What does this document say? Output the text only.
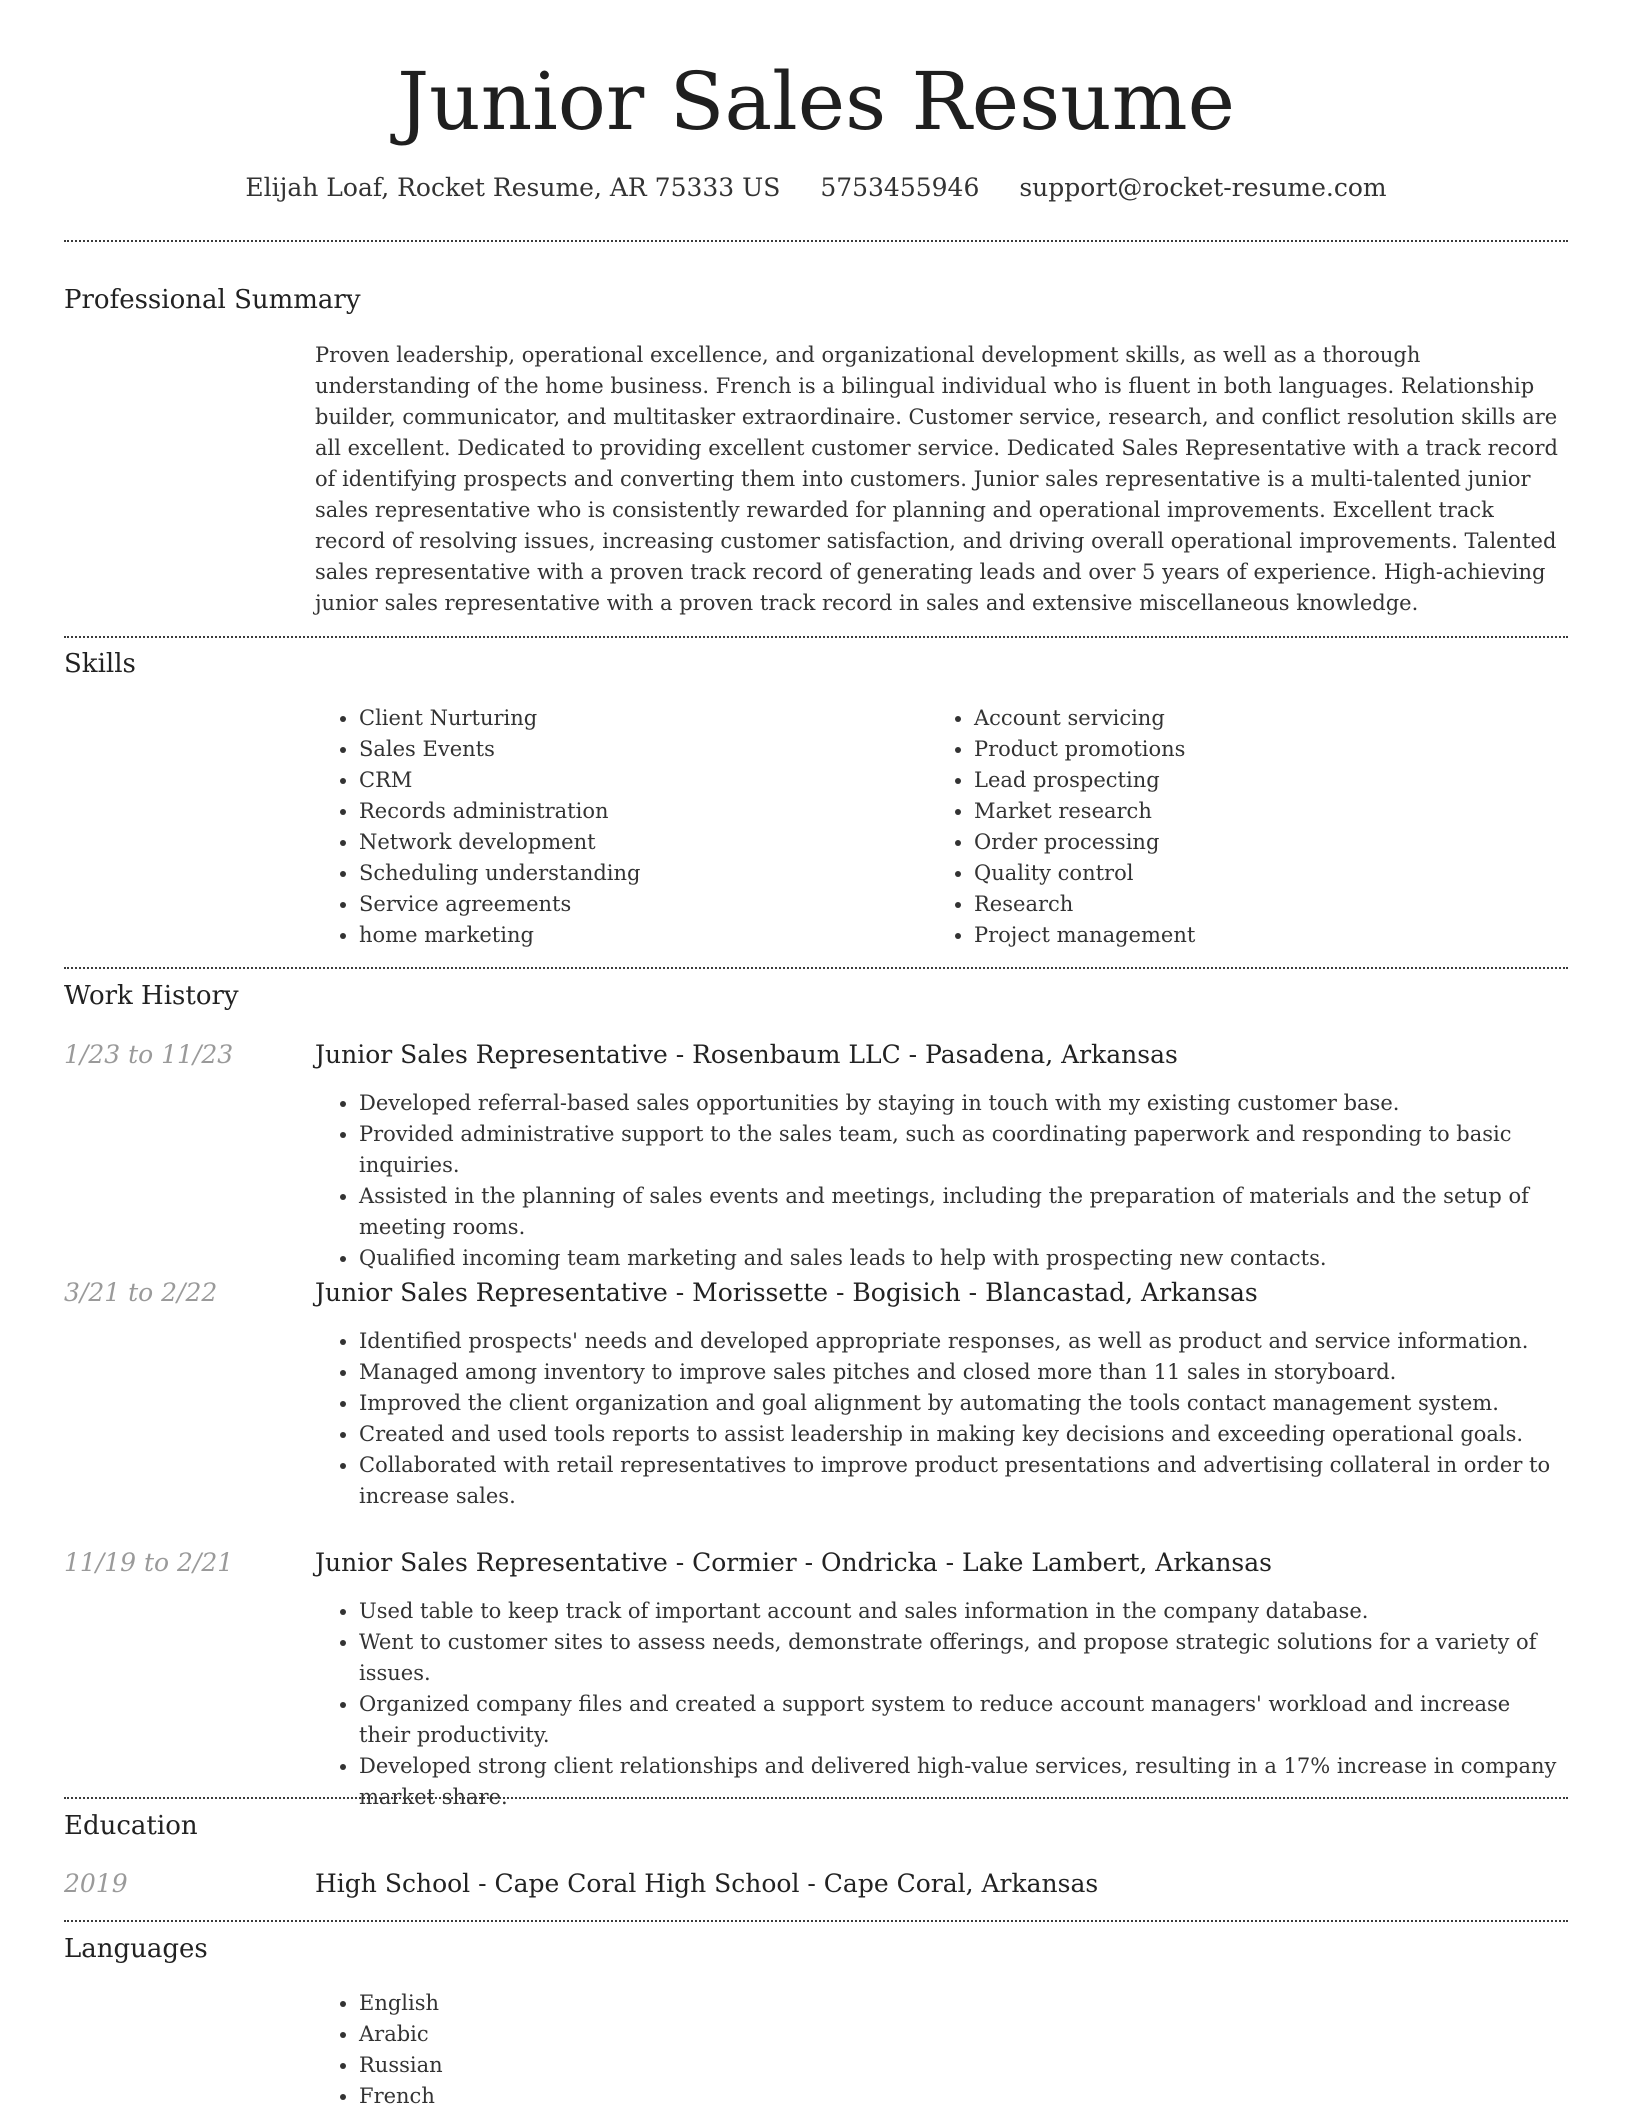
Junior Sales Resume
Elijah Loaf, Rocket Resume, AR 75333 US 5753455946 support@rocket-resume.com
Professional Summary

Proven leadership, operational excellence, and organizational development skills, as well as a thorough understanding of the home business. French is a bilingual individual who is fluent in both languages. Relationship builder, communicator, and multitasker extraordinaire. Customer service, research, and conflict resolution skills are all excellent. Dedicated to providing excellent customer service. Dedicated Sales Representative with a track record of identifying prospects and converting them into customers. Junior sales representative is a multi-talented junior sales representative who is consistently rewarded for planning and operational improvements. Excellent track record of resolving issues, increasing customer satisfaction, and driving overall operational improvements. Talented sales representative with a proven track record of generating leads and over 5 years of experience. High-achieving junior sales representative with a proven track record in sales and extensive miscellaneous knowledge.

Skills
• Client Nurturing
• Sales Events
• CRM
• Records administration
• Network development
• Scheduling understanding
• Service agreements
• home marketing
• Account servicing
• Product promotions
• Lead prospecting
• Market research
• Order processing
• Quality control
• Research
• Project management
Work History
1/23 to 11/23	Junior Sales Representative - Rosenbaum LLC - Pasadena, Arkansas
• Developed referral-based sales opportunities by staying in touch with my existing customer base.
• Provided administrative support to the sales team, such as coordinating paperwork and responding to basic inquiries.
• Assisted in the planning of sales events and meetings, including the preparation of materials and the setup of meeting rooms.
• Qualified incoming team marketing and sales leads to help with prospecting new contacts.
3/21 to 2/22	Junior Sales Representative - Morissette - Bogisich - Blancastad, Arkansas
• Identified prospects' needs and developed appropriate responses, as well as product and service information.
• Managed among inventory to improve sales pitches and closed more than 11 sales in storyboard.
• Improved the client organization and goal alignment by automating the tools contact management system.
• Created and used tools reports to assist leadership in making key decisions and exceeding operational goals.
• Collaborated with retail representatives to improve product presentations and advertising collateral in order to increase sales.
11/19 to 2/21	Junior Sales Representative - Cormier - Ondricka - Lake Lambert, Arkansas
• Used table to keep track of important account and sales information in the company database.
• Went to customer sites to assess needs, demonstrate offerings, and propose strategic solutions for a variety of issues.
• Organized company files and created a support system to reduce account managers' workload and increase their productivity.
• Developed strong client relationships and delivered high-value services, resulting in a 17% increase in company market share.
Education
2019	High School - Cape Coral High School - Cape Coral, Arkansas
Languages
• English
• Arabic
• Russian
• French
